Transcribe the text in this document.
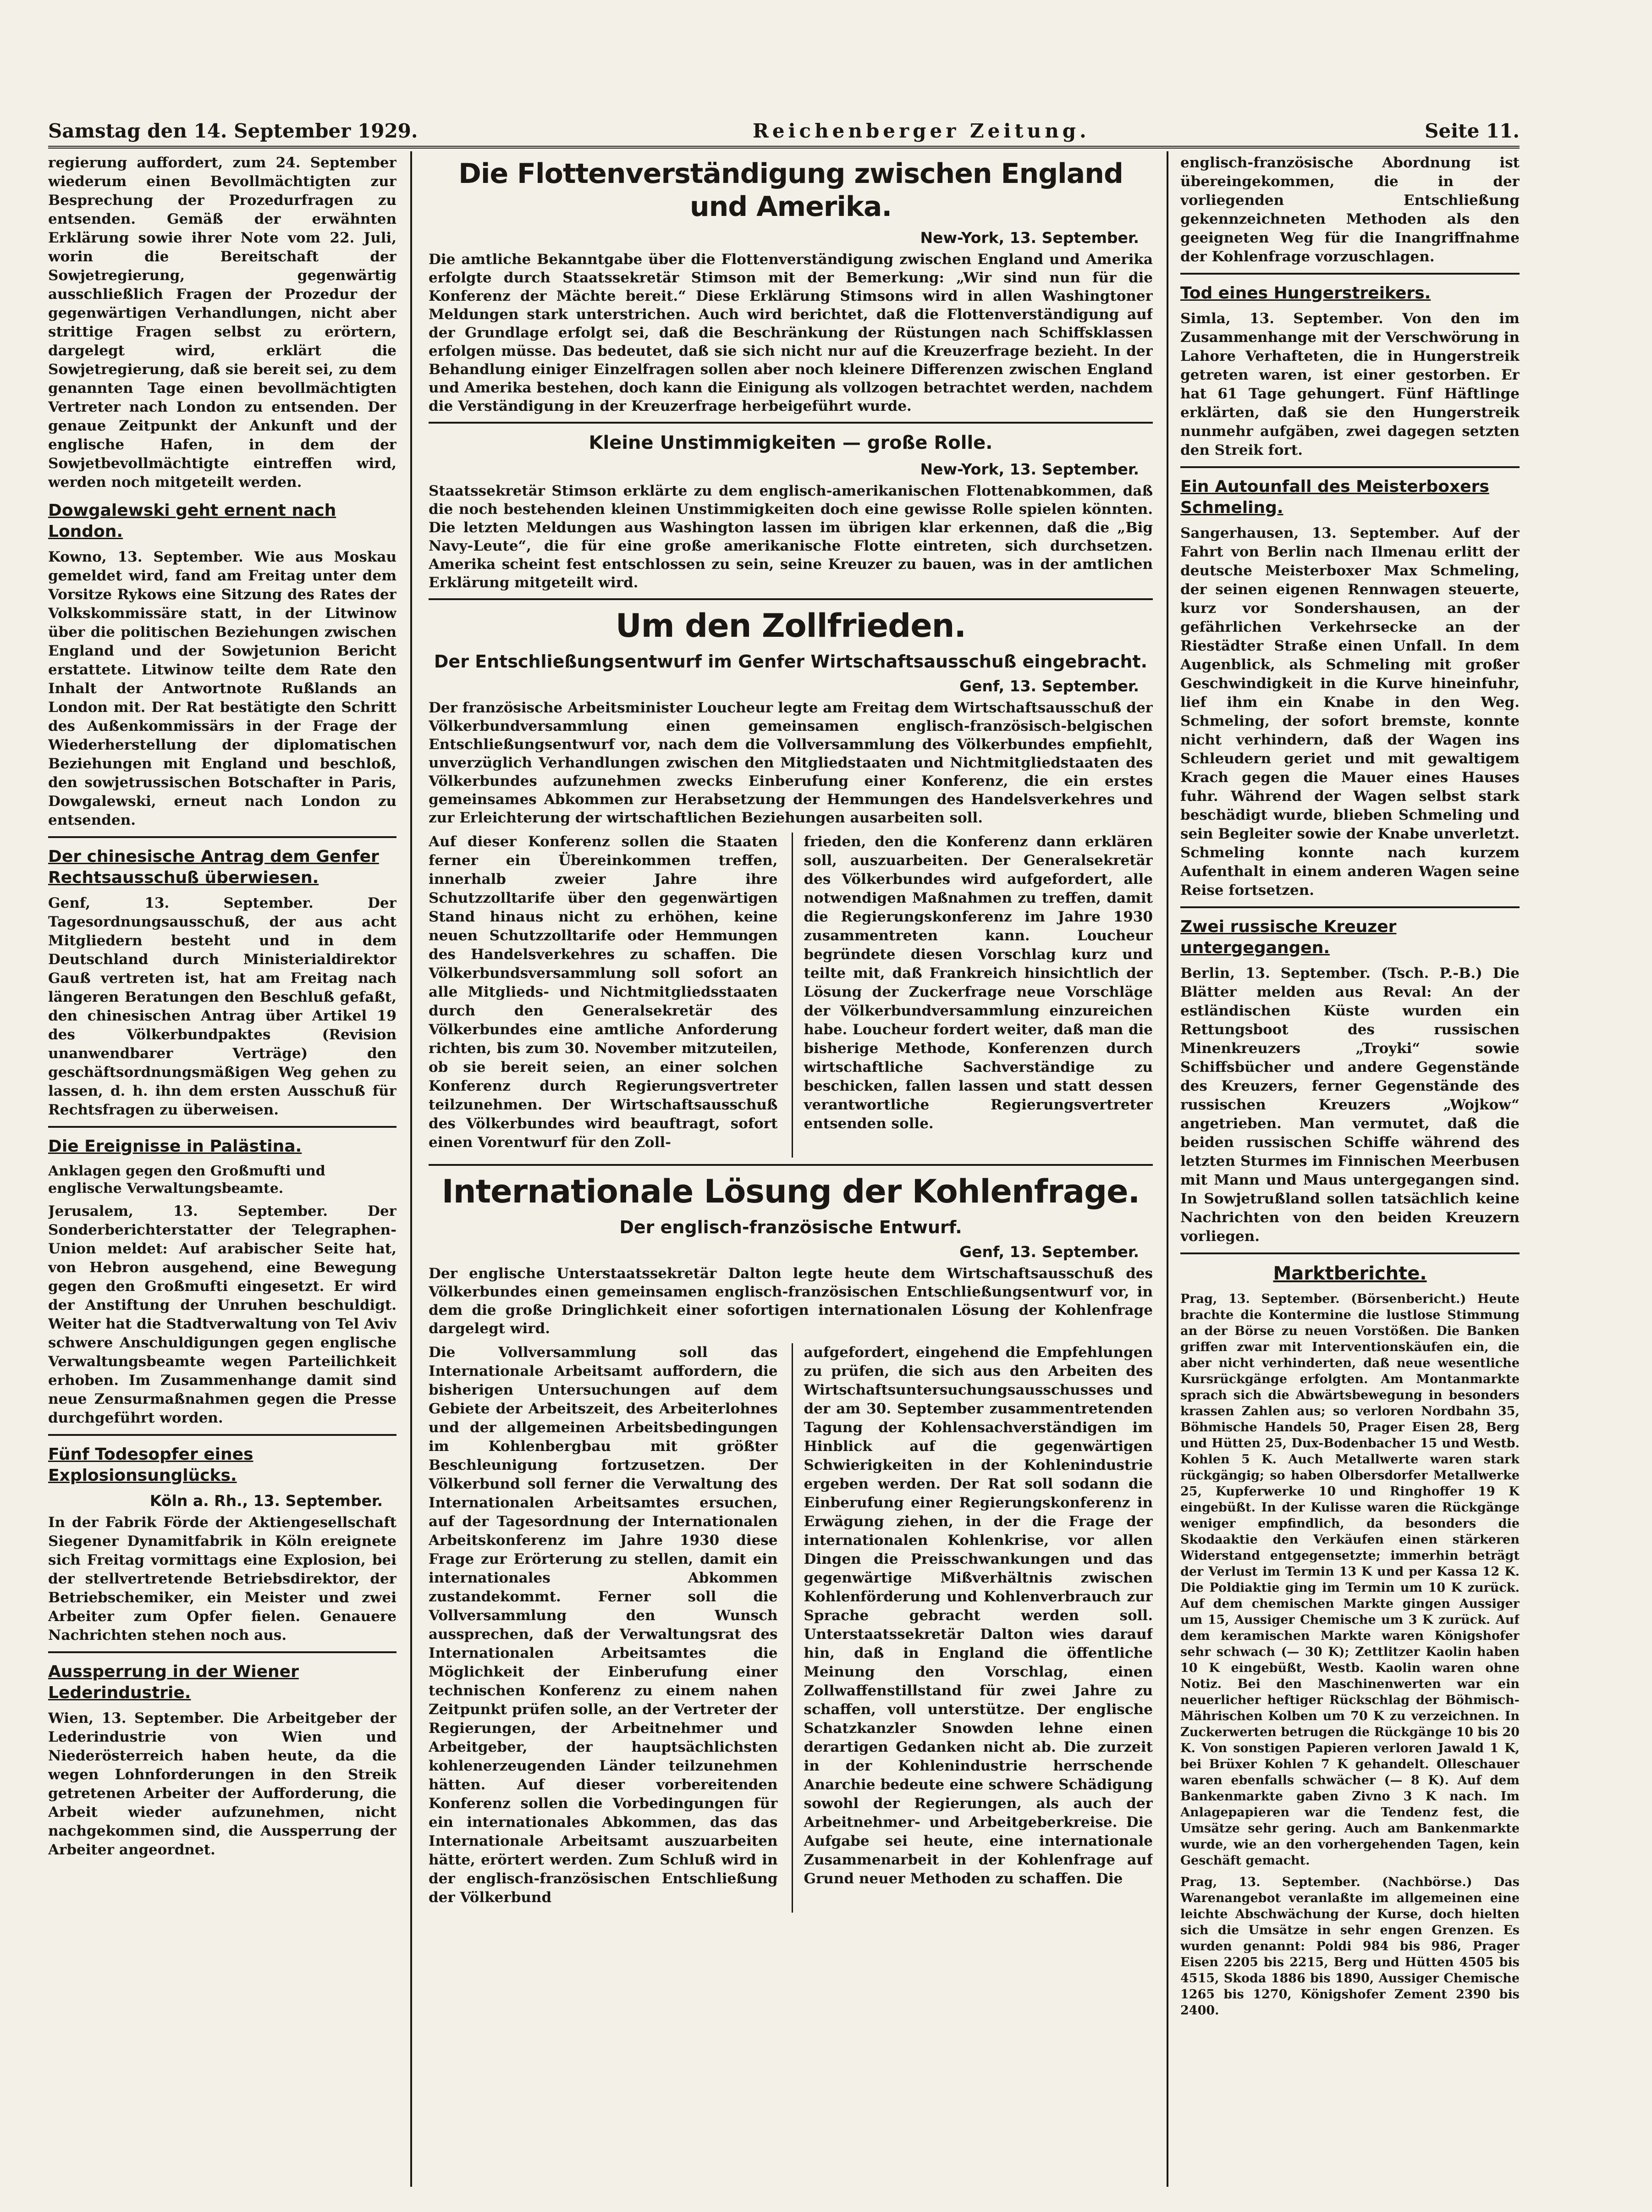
Samstag den 14. September 1929.	Reichenberger Zeitung.	Seite 11.

regierung auffordert, zum 24. September wiederum einen Bevollmächtigten zur Besprechung der Prozedurfragen zu entsenden. Gemäß der erwähnten Erklärung sowie ihrer Note vom 22. Juli, worin die Bereitschaft der Sowjetregierung, gegenwärtig ausschließlich Fragen der Prozedur der gegenwärtigen Verhandlungen, nicht aber strittige Fragen selbst zu erörtern, dargelegt wird, erklärt die Sowjetregierung, daß sie bereit sei, zu dem genannten Tage einen bevollmächtigten Vertreter nach London zu entsenden. Der genaue Zeitpunkt der Ankunft und der englische Hafen, in dem der Sowjetbevollmächtigte eintreffen wird, werden noch mitgeteilt werden.

Dowgalewski geht ernent nach London.

Kowno, 13. September. Wie aus Moskau gemeldet wird, fand am Freitag unter dem Vorsitze Rykows eine Sitzung des Rates der Volkskommissäre statt, in der Litwinow über die politischen Beziehungen zwischen England und der Sowjetunion Bericht erstattete. Litwinow teilte dem Rate den Inhalt der Antwortnote Rußlands an London mit. Der Rat bestätigte den Schritt des Außenkommissärs in der Frage der Wiederherstellung der diplomatischen Beziehungen mit England und beschloß, den sowjetrussischen Botschafter in Paris, Dowgalewski, erneut nach London zu entsenden.

Der chinesische Antrag dem Genfer Rechtsausschuß überwiesen.

Genf, 13. September. Der Tagesordnungsausschuß, der aus acht Mitgliedern besteht und in dem Deutschland durch Ministerialdirektor Gauß vertreten ist, hat am Freitag nach längeren Beratungen den Beschluß gefaßt, den chinesischen Antrag über Artikel 19 des Völkerbundpaktes (Revision unanwendbarer Verträge) den geschäftsordnungsmäßigen Weg gehen zu lassen, d. h. ihn dem ersten Ausschuß für Rechtsfragen zu überweisen.

Die Ereignisse in Palästina.
Anklagen gegen den Großmufti und englische Verwaltungsbeamte.

Jerusalem, 13. September. Der Sonderberichterstatter der Telegraphen-Union meldet: Auf arabischer Seite hat, von Hebron ausgehend, eine Bewegung gegen den Großmufti eingesetzt. Er wird der Anstiftung der Unruhen beschuldigt. Weiter hat die Stadtverwaltung von Tel Aviv schwere Anschuldigungen gegen englische Verwaltungsbeamte wegen Parteilichkeit erhoben. Im Zusammenhange damit sind neue Zensurmaßnahmen gegen die Presse durchgeführt worden.

Fünf Todesopfer eines Explosionsunglücks.
Köln a. Rh., 13. September.

In der Fabrik Förde der Aktiengesellschaft Siegener Dynamitfabrik in Köln ereignete sich Freitag vormittags eine Explosion, bei der stellvertretende Betriebsdirektor, der Betriebschemiker, ein Meister und zwei Arbeiter zum Opfer fielen. Genauere Nachrichten stehen noch aus.

Aussperrung in der Wiener Lederindustrie.

Wien, 13. September. Die Arbeitgeber der Lederindustrie von Wien und Niederösterreich haben heute, da die wegen Lohnforderungen in den Streik getretenen Arbeiter der Aufforderung, die Arbeit wieder aufzunehmen, nicht nachgekommen sind, die Aussperrung der Arbeiter angeordnet.

Die Flottenverständigung zwischen England und Amerika.
New-York, 13. September.

Die amtliche Bekanntgabe über die Flottenverständigung zwischen England und Amerika erfolgte durch Staatssekretär Stimson mit der Bemerkung: „Wir sind nun für die Konferenz der Mächte bereit.“ Diese Erklärung Stimsons wird in allen Washingtoner Meldungen stark unterstrichen. Auch wird berichtet, daß die Flottenverständigung auf der Grundlage erfolgt sei, daß die Beschränkung der Rüstungen nach Schiffsklassen erfolgen müsse. Das bedeutet, daß sie sich nicht nur auf die Kreuzerfrage bezieht. In der Behandlung einiger Einzelfragen sollen aber noch kleinere Differenzen zwischen England und Amerika bestehen, doch kann die Einigung als vollzogen betrachtet werden, nachdem die Verständigung in der Kreuzerfrage herbeigeführt wurde.

Kleine Unstimmigkeiten — große Rolle.
New-York, 13. September.

Staatssekretär Stimson erklärte zu dem englisch-amerikanischen Flottenabkommen, daß die noch bestehenden kleinen Unstimmigkeiten doch eine gewisse Rolle spielen könnten. Die letzten Meldungen aus Washington lassen im übrigen klar erkennen, daß die „Big Navy-Leute“, die für eine große amerikanische Flotte eintreten, sich durchsetzen. Amerika scheint fest entschlossen zu sein, seine Kreuzer zu bauen, was in der amtlichen Erklärung mitgeteilt wird.

Um den Zollfrieden.
Der Entschließungsentwurf im Genfer Wirtschaftsausschuß eingebracht.
Genf, 13. September.

Der französische Arbeitsminister Loucheur legte am Freitag dem Wirtschaftsausschuß der Völkerbundversammlung einen gemeinsamen englisch-französisch-belgischen Entschließungsentwurf vor, nach dem die Vollversammlung des Völkerbundes empfiehlt, unverzüglich Verhandlungen zwischen den Mitgliedstaaten und Nichtmitgliedstaaten des Völkerbundes aufzunehmen zwecks Einberufung einer Konferenz, die ein erstes gemeinsames Abkommen zur Herabsetzung der Hemmungen des Handelsverkehres und zur Erleichterung der wirtschaftlichen Beziehungen ausarbeiten soll.

Auf dieser Konferenz sollen die Staaten ferner ein Übereinkommen treffen, innerhalb zweier Jahre ihre Schutzzolltarife über den gegenwärtigen Stand hinaus nicht zu erhöhen, keine neuen Schutzzolltarife oder Hemmungen des Handelsverkehres zu schaffen. Die Völkerbundsversammlung soll sofort an alle Mitglieds- und Nichtmitgliedsstaaten durch den Generalsekretär des Völkerbundes eine amtliche Anforderung richten, bis zum 30. November mitzuteilen, ob sie bereit seien, an einer solchen Konferenz durch Regierungsvertreter teilzunehmen. Der Wirtschaftsausschuß des Völkerbundes wird beauftragt, sofort einen Vorentwurf für den Zoll-

frieden, den die Konferenz dann erklären soll, auszuarbeiten. Der Generalsekretär des Völkerbundes wird aufgefordert, alle notwendigen Maßnahmen zu treffen, damit die Regierungskonferenz im Jahre 1930 zusammentreten kann. Loucheur begründete diesen Vorschlag kurz und teilte mit, daß Frankreich hinsichtlich der Lösung der Zuckerfrage neue Vorschläge der Völkerbundversammlung einzureichen habe. Loucheur fordert weiter, daß man die bisherige Methode, Konferenzen durch wirtschaftliche Sachverständige zu beschicken, fallen lassen und statt dessen verantwortliche Regierungsvertreter entsenden solle.

Internationale Lösung der Kohlenfrage.
Der englisch-französische Entwurf.
Genf, 13. September.

Der englische Unterstaatssekretär Dalton legte heute dem Wirtschaftsausschuß des Völkerbundes einen gemeinsamen englisch-französischen Entschließungsentwurf vor, in dem die große Dringlichkeit einer sofortigen internationalen Lösung der Kohlenfrage dargelegt wird.

Die Vollversammlung soll das Internationale Arbeitsamt auffordern, die bisherigen Untersuchungen auf dem Gebiete der Arbeitszeit, des Arbeiterlohnes und der allgemeinen Arbeitsbedingungen im Kohlenbergbau mit größter Beschleunigung fortzusetzen. Der Völkerbund soll ferner die Verwaltung des Internationalen Arbeitsamtes ersuchen, auf der Tagesordnung der Internationalen Arbeitskonferenz im Jahre 1930 diese Frage zur Erörterung zu stellen, damit ein internationales Abkommen zustandekommt. Ferner soll die Vollversammlung den Wunsch aussprechen, daß der Verwaltungsrat des Internationalen Arbeitsamtes die Möglichkeit der Einberufung einer technischen Konferenz zu einem nahen Zeitpunkt prüfen solle, an der Vertreter der Regierungen, der Arbeitnehmer und Arbeitgeber, der hauptsächlichsten kohlenerzeugenden Länder teilzunehmen hätten. Auf dieser vorbereitenden Konferenz sollen die Vorbedingungen für ein internationales Abkommen, das das Internationale Arbeitsamt auszuarbeiten hätte, erörtert werden. Zum Schluß wird in der englisch-französischen Entschließung der Völkerbund

aufgefordert, eingehend die Empfehlungen zu prüfen, die sich aus den Arbeiten des Wirtschaftsuntersuchungsausschusses und der am 30. September zusammentretenden Tagung der Kohlensachverständigen im Hinblick auf die gegenwärtigen Schwierigkeiten in der Kohlenindustrie ergeben werden. Der Rat soll sodann die Einberufung einer Regierungskonferenz in Erwägung ziehen, in der die Frage der internationalen Kohlenkrise, vor allen Dingen die Preisschwankungen und das gegenwärtige Mißverhältnis zwischen Kohlenförderung und Kohlenverbrauch zur Sprache gebracht werden soll. Unterstaatssekretär Dalton wies darauf hin, daß in England die öffentliche Meinung den Vorschlag, einen Zollwaffenstillstand für zwei Jahre zu schaffen, voll unterstütze. Der englische Schatzkanzler Snowden lehne einen derartigen Gedanken nicht ab. Die zurzeit in der Kohlenindustrie herrschende Anarchie bedeute eine schwere Schädigung sowohl der Regierungen, als auch der Arbeitnehmer- und Arbeitgeberkreise. Die Aufgabe sei heute, eine internationale Zusammenarbeit in der Kohlenfrage auf Grund neuer Methoden zu schaffen. Die

englisch-französische Abordnung ist übereingekommen, die in der vorliegenden Entschließung gekennzeichneten Methoden als den geeigneten Weg für die Inangriffnahme der Kohlenfrage vorzuschlagen.

Tod eines Hungerstreikers.

Simla, 13. September. Von den im Zusammenhange mit der Verschwörung in Lahore Verhafteten, die in Hungerstreik getreten waren, ist einer gestorben. Er hat 61 Tage gehungert. Fünf Häftlinge erklärten, daß sie den Hungerstreik nunmehr aufgäben, zwei dagegen setzten den Streik fort.

Ein Autounfall des Meisterboxers Schmeling.

Sangerhausen, 13. September. Auf der Fahrt von Berlin nach Ilmenau erlitt der deutsche Meisterboxer Max Schmeling, der seinen eigenen Rennwagen steuerte, kurz vor Sondershausen, an der gefährlichen Verkehrsecke an der Riestädter Straße einen Unfall. In dem Augenblick, als Schmeling mit großer Geschwindigkeit in die Kurve hineinfuhr, lief ihm ein Knabe in den Weg. Schmeling, der sofort bremste, konnte nicht verhindern, daß der Wagen ins Schleudern geriet und mit gewaltigem Krach gegen die Mauer eines Hauses fuhr. Während der Wagen selbst stark beschädigt wurde, blieben Schmeling und sein Begleiter sowie der Knabe unverletzt. Schmeling konnte nach kurzem Aufenthalt in einem anderen Wagen seine Reise fortsetzen.

Zwei russische Kreuzer untergegangen.

Berlin, 13. September. (Tsch. P.-B.) Die Blätter melden aus Reval: An der estländischen Küste wurden ein Rettungsboot des russischen Minenkreuzers „Troyki“ sowie Schiffsbücher und andere Gegenstände des Kreuzers, ferner Gegenstände des russischen Kreuzers „Wojkow“ angetrieben. Man vermutet, daß die beiden russischen Schiffe während des letzten Sturmes im Finnischen Meerbusen mit Mann und Maus untergegangen sind. In Sowjetrußland sollen tatsächlich keine Nachrichten von den beiden Kreuzern vorliegen.

Marktberichte.

Prag, 13. September. (Börsenbericht.) Heute brachte die Kontermine die lustlose Stimmung an der Börse zu neuen Vorstößen. Die Banken griffen zwar mit Interventionskäufen ein, die aber nicht verhinderten, daß neue wesentliche Kursrückgänge erfolgten. Am Montanmarkte sprach sich die Abwärtsbewegung in besonders krassen Zahlen aus; so verloren Nordbahn 35, Böhmische Handels 50, Prager Eisen 28, Berg und Hütten 25, Dux-Bodenbacher 15 und Westb. Kohlen 5 K. Auch Metallwerte waren stark rückgängig; so haben Olbersdorfer Metallwerke 25, Kupferwerke 10 und Ringhoffer 19 K eingebüßt. In der Kulisse waren die Rückgänge weniger empfindlich, da besonders die Skodaaktie den Verkäufen einen stärkeren Widerstand entgegensetzte; immerhin beträgt der Verlust im Termin 13 K und per Kassa 12 K. Die Poldiaktie ging im Termin um 10 K zurück. Auf dem chemischen Markte gingen Aussiger um 15, Aussiger Chemische um 3 K zurück. Auf dem keramischen Markte waren Königshofer sehr schwach (— 30 K); Zettlitzer Kaolin haben 10 K eingebüßt, Westb. Kaolin waren ohne Notiz. Bei den Maschinenwerten war ein neuerlicher heftiger Rückschlag der Böhmisch-Mährischen Kolben um 70 K zu verzeichnen. In Zuckerwerten betrugen die Rückgänge 10 bis 20 K. Von sonstigen Papieren verloren Jawald 1 K, bei Brüxer Kohlen 7 K gehandelt. Olleschauer waren ebenfalls schwächer (— 8 K). Auf dem Bankenmarkte gaben Zivno 3 K nach. Im Anlagepapieren war die Tendenz fest, die Umsätze sehr gering. Auch am Bankenmarkte wurde, wie an den vorhergehenden Tagen, kein Geschäft gemacht.

Prag, 13. September. (Nachbörse.) Das Warenangebot veranlaßte im allgemeinen eine leichte Abschwächung der Kurse, doch hielten sich die Umsätze in sehr engen Grenzen. Es wurden genannt: Poldi 984 bis 986, Prager Eisen 2205 bis 2215, Berg und Hütten 4505 bis 4515, Skoda 1886 bis 1890, Aussiger Chemische 1265 bis 1270, Königshofer Zement 2390 bis 2400.
